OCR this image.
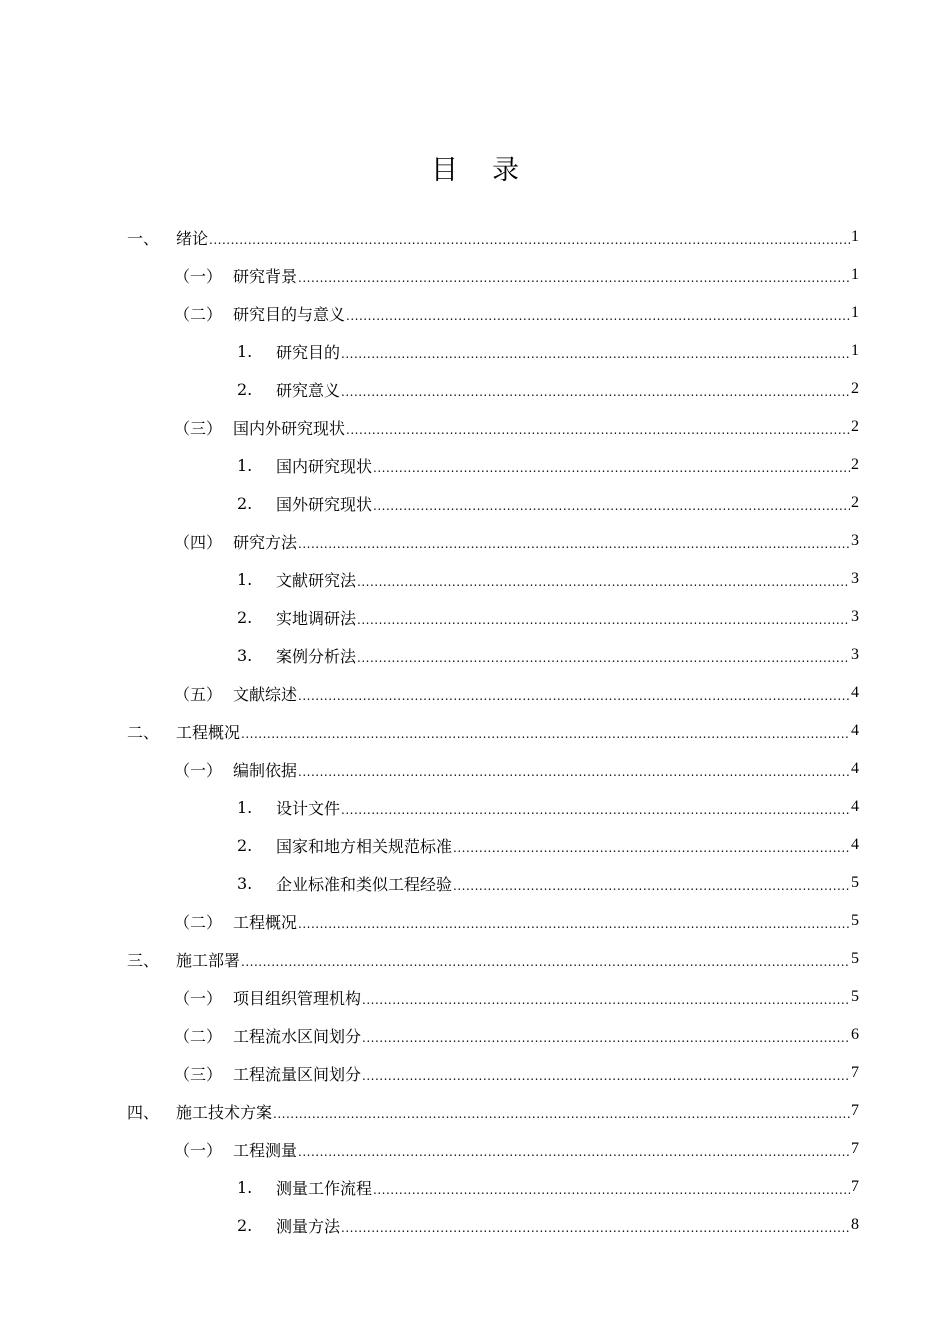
目 录
一、	绪论 .....	1
（一） 研究背景 .....	1
（二） 研究目的与意义 .....	1
1.	研究目的 .....	1
2.	研究意义 .....	2
（三） 国内外研究现状 .....	2
1.	国内研究现状 .....	2
2.	国外研究现状 .....	2
（四） 研究方法 .....	3
1.	文献研究法 .....	3
2.	实地调研法 .....	3
3.	案例分析法 .....	3
（五） 文献综述 .....	4
二、	工程概况 .....	4
（一） 编制依据 .....	4
1.	设计文件 .....	4
2.	国家和地方相关规范标准 .....	4
3.	企业标准和类似工程经验 .....	5
（二） 工程概况 .....	5
三、	施工部署 .....	5
（一） 项目组织管理机构 .....	5
（二） 工程流水区间划分 .....	6
（三） 工程流量区间划分 .....	7
四、	施工技术方案 .....	7
（一） 工程测量 .....	7
1.	测量工作流程 .....	7
2.	测量方法 .....	8
